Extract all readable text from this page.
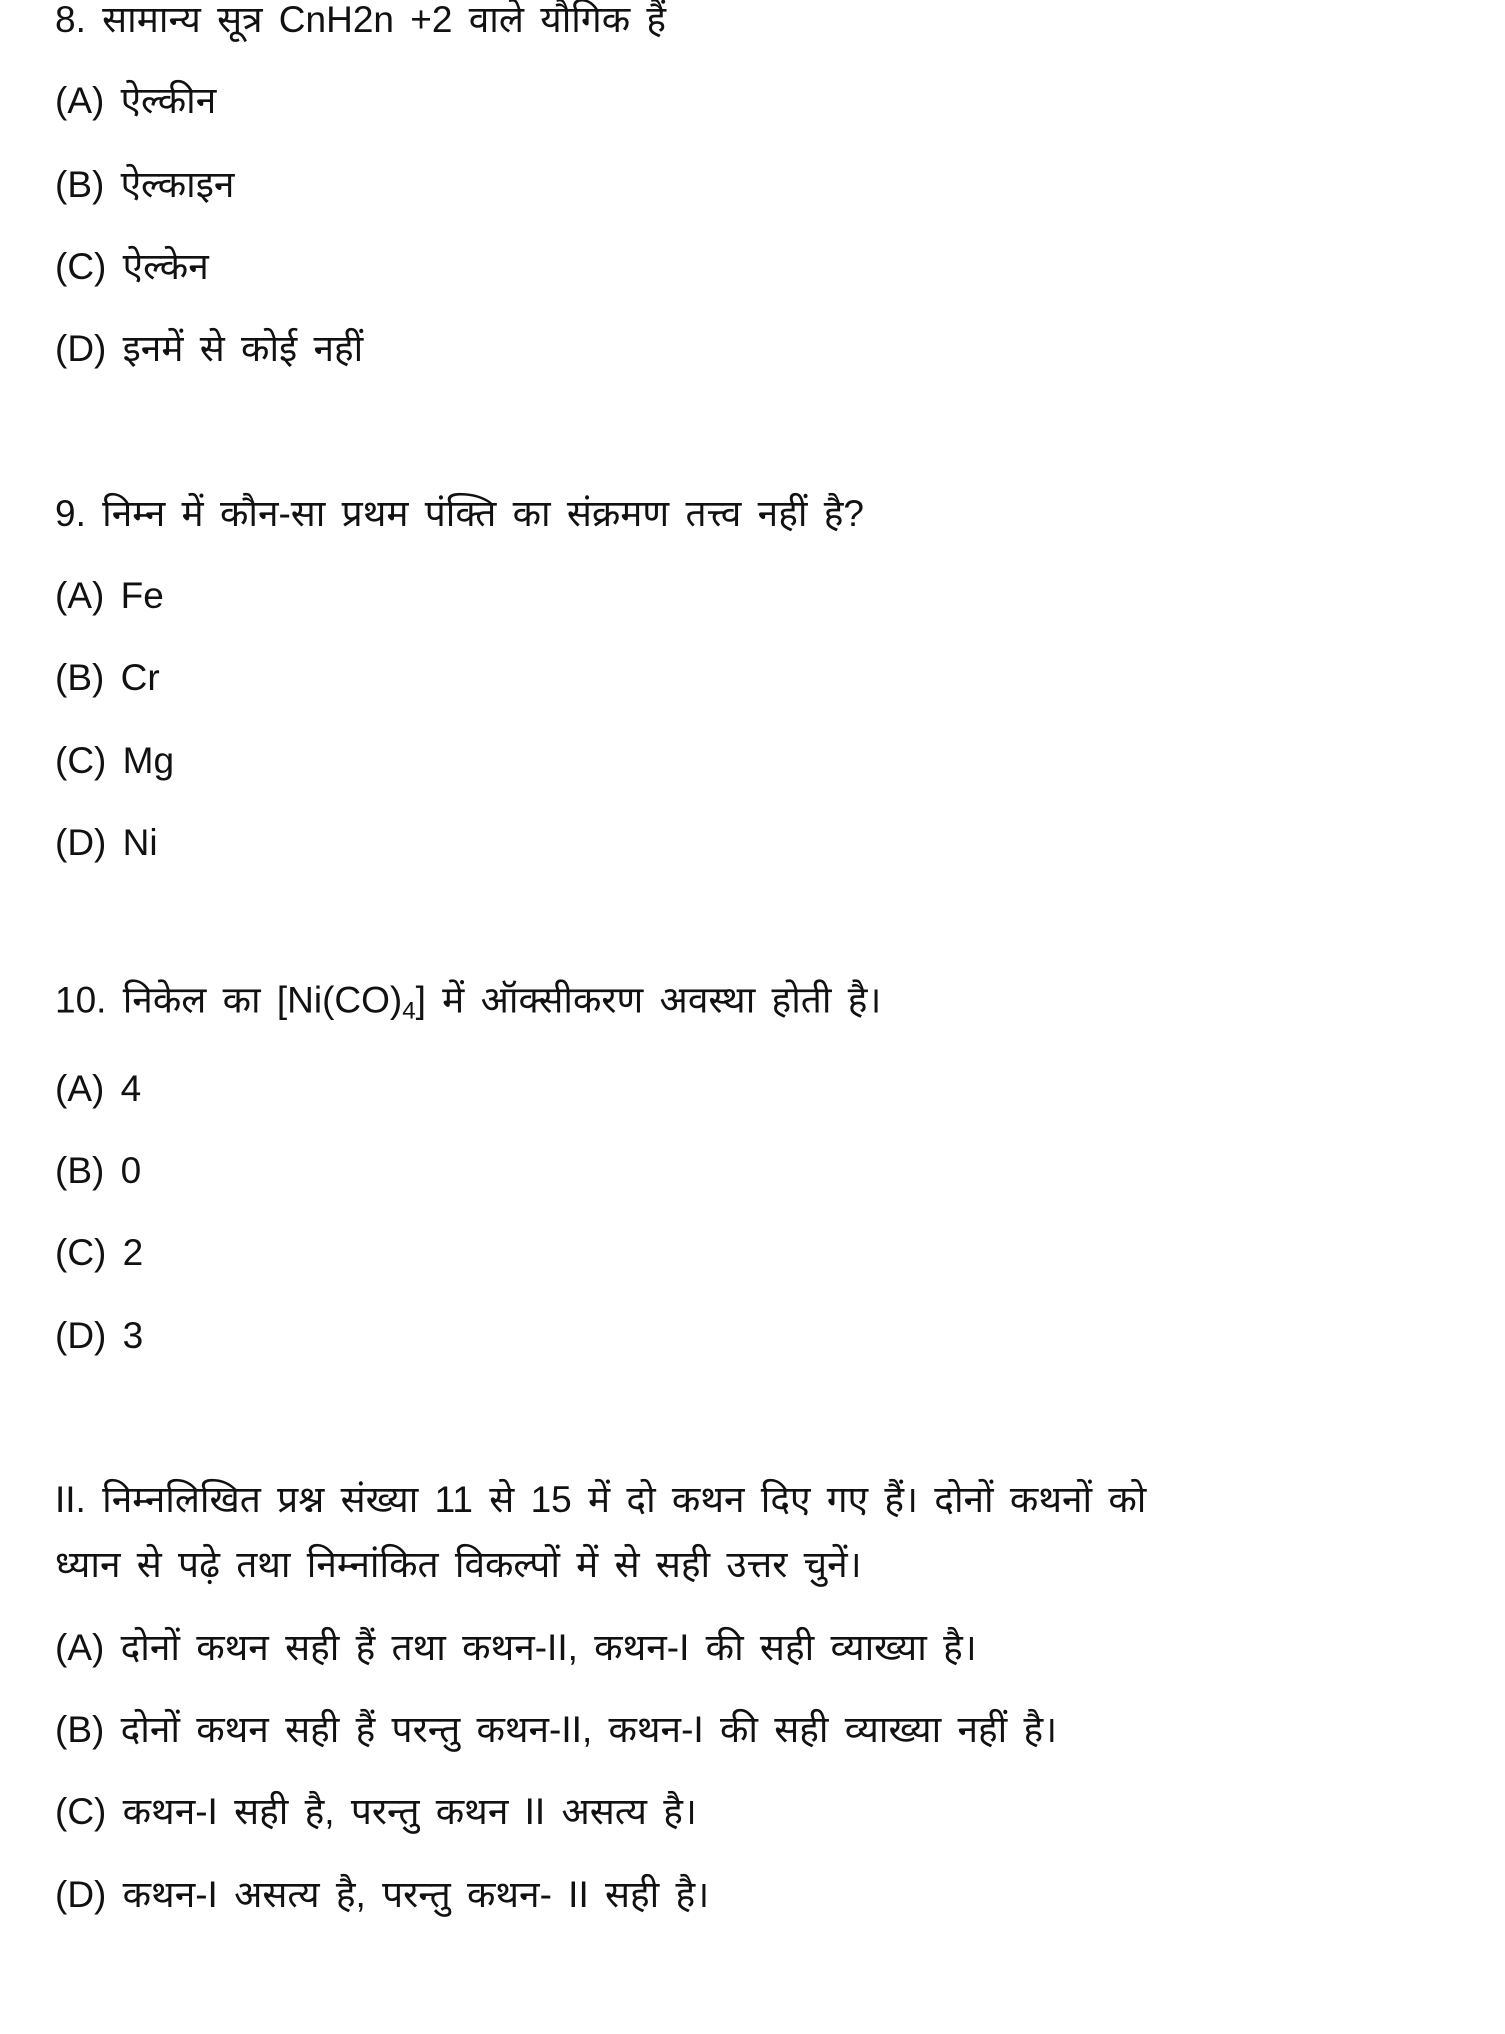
8. सामान्य सूत्र CnH2n +2 वाले यौगिक हैं
(A) ऐल्कीन
(B) ऐल्काइन
(C) ऐल्केन
(D) इनमें से कोई नहीं
9. निम्न में कौन-सा प्रथम पंक्ति का संक्रमण तत्त्व नहीं है?
(A) Fe
(B) Cr
(C) Mg
(D) Ni
10. निकेल का $[Ni(CO)_4]$ में ऑक्सीकरण अवस्था होती है।
(A) 4
(B) 0
(C) 2
(D) 3
II. निम्नलिखित प्रश्न संख्या 11 से 15 में दो कथन दिए गए हैं। दोनों कथनों को
ध्यान से पढ़े तथा निम्नांकित विकल्पों में से सही उत्तर चुनें।
(A) दोनों कथन सही हैं तथा कथन-II, कथन-I की सही व्याख्या है।
(B) दोनों कथन सही हैं परन्तु कथन-II, कथन-I की सही व्याख्या नहीं है।
(C) कथन-I सही है, परन्तु कथन II असत्य है।
(D) कथन-I असत्य है, परन्तु कथन- II सही है।
